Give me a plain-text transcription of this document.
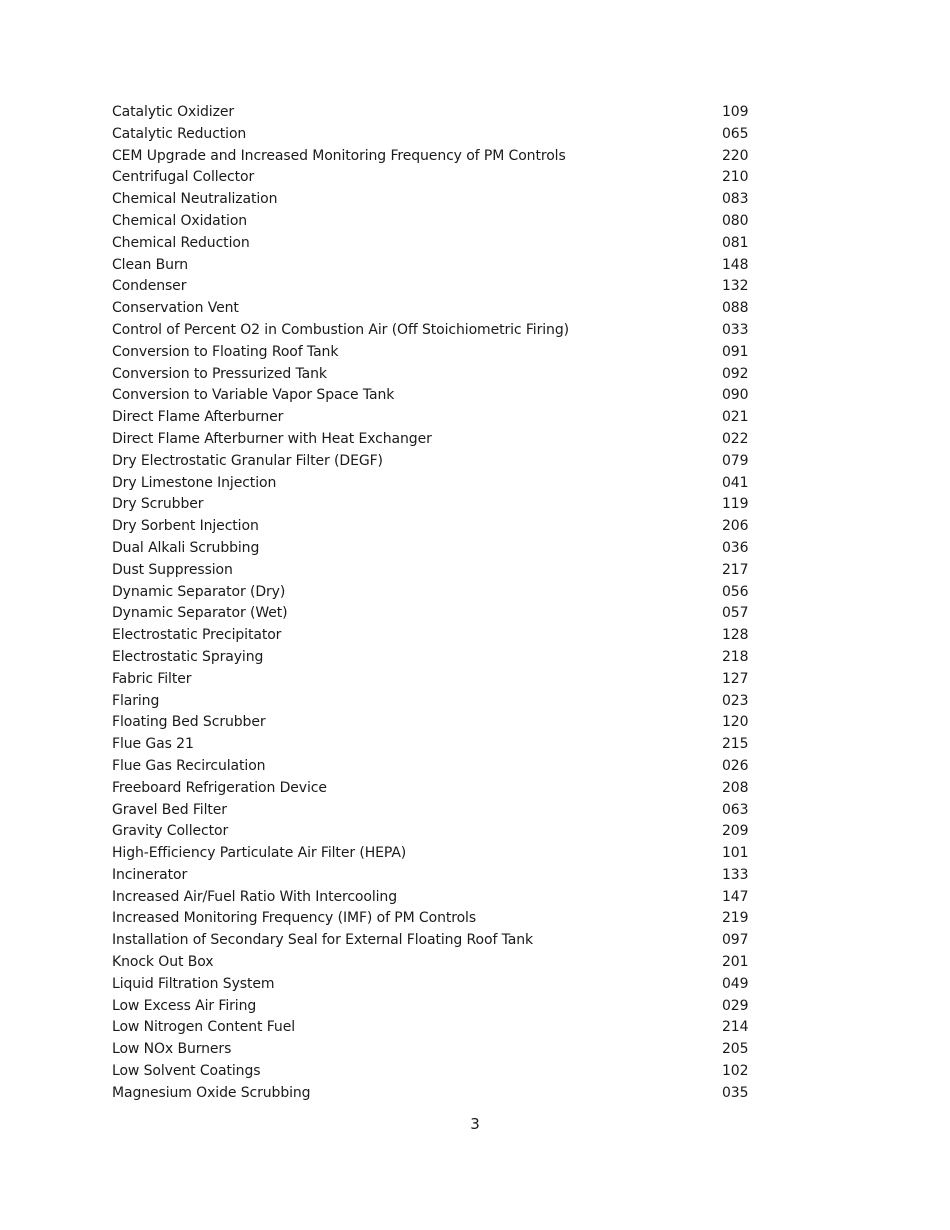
Catalytic Oxidizer	109
Catalytic Reduction	065
CEM Upgrade and Increased Monitoring Frequency of PM Controls	220
Centrifugal Collector	210
Chemical Neutralization	083
Chemical Oxidation	080
Chemical Reduction	081
Clean Burn	148
Condenser	132
Conservation Vent	088
Control of Percent O2 in Combustion Air (Off Stoichiometric Firing)	033
Conversion to Floating Roof Tank	091
Conversion to Pressurized Tank	092
Conversion to Variable Vapor Space Tank	090
Direct Flame Afterburner	021
Direct Flame Afterburner with Heat Exchanger	022
Dry Electrostatic Granular Filter (DEGF)	079
Dry Limestone Injection	041
Dry Scrubber	119
Dry Sorbent Injection	206
Dual Alkali Scrubbing	036
Dust Suppression	217
Dynamic Separator (Dry)	056
Dynamic Separator (Wet)	057
Electrostatic Precipitator	128
Electrostatic Spraying	218
Fabric Filter	127
Flaring	023
Floating Bed Scrubber	120
Flue Gas 21	215
Flue Gas Recirculation	026
Freeboard Refrigeration Device	208
Gravel Bed Filter	063
Gravity Collector	209
High-Efficiency Particulate Air Filter (HEPA)	101
Incinerator	133
Increased Air/Fuel Ratio With Intercooling	147
Increased Monitoring Frequency (IMF) of PM Controls	219
Installation of Secondary Seal for External Floating Roof Tank	097
Knock Out Box	201
Liquid Filtration System	049
Low Excess Air Firing	029
Low Nitrogen Content Fuel	214
Low NOx Burners	205
Low Solvent Coatings	102
Magnesium Oxide Scrubbing	035
3
